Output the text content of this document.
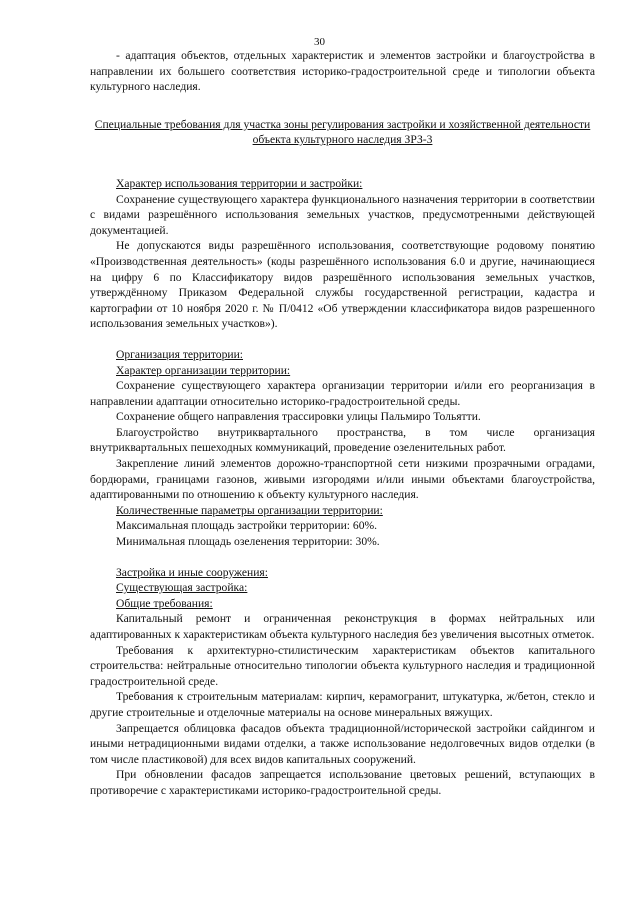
30

- адаптация объектов, отдельных характеристик и элементов застройки и благоустройства в направлении их большего соответствия историко-градостроительной среде и типологии объекта культурного наследия.

Специальные требования для участка зоны регулирования застройки и хозяйственной деятельности объекта культурного наследия ЗРЗ-3

Характер использования территории и застройки:

Сохранение существующего характера функционального назначения территории в соответствии с видами разрешённого использования земельных участков, предусмотренными действующей документацией.

Не допускаются виды разрешённого использования, соответствующие родовому понятию «Производственная деятельность» (коды разрешённого использования 6.0 и другие, начинающиеся на цифру 6 по Классификатору видов разрешённого использования земельных участков, утверждённому Приказом Федеральной службы государственной регистрации, кадастра и картографии от 10 ноября 2020 г. № П/0412 «Об утверждении классификатора видов разрешенного использования земельных участков»).

Организация территории:

Характер организации территории:

Сохранение существующего характера организации территории и/или его реорганизация в направлении адаптации относительно историко-градостроительной среды.

Сохранение общего направления трассировки улицы Пальмиро Тольятти.

Благоустройство внутриквартального пространства, в том числе организация внутриквартальных пешеходных коммуникаций, проведение озеленительных работ.

Закрепление линий элементов дорожно-транспортной сети низкими прозрачными оградами, бордюрами, границами газонов, живыми изгородями и/или иными объектами благоустройства, адаптированными по отношению к объекту культурного наследия.

Количественные параметры организации территории:

Максимальная площадь застройки территории: 60%.

Минимальная площадь озеленения территории: 30%.

Застройка и иные сооружения:

Существующая застройка:

Общие требования:

Капитальный ремонт и ограниченная реконструкция в формах нейтральных или адаптированных к характеристикам объекта культурного наследия без увеличения высотных отметок.

Требования к архитектурно-стилистическим характеристикам объектов капитального строительства: нейтральные относительно типологии объекта культурного наследия и традиционной градостроительной среде.

Требования к строительным материалам: кирпич, керамогранит, штукатурка, ж/бетон, стекло и другие строительные и отделочные материалы на основе минеральных вяжущих.

Запрещается облицовка фасадов объекта традиционной/исторической застройки сайдингом и иными нетрадиционными видами отделки, а также использование недолговечных видов отделки (в том числе пластиковой) для всех видов капитальных сооружений.

При обновлении фасадов запрещается использование цветовых решений, вступающих в противоречие с характеристиками историко-градостроительной среды.
